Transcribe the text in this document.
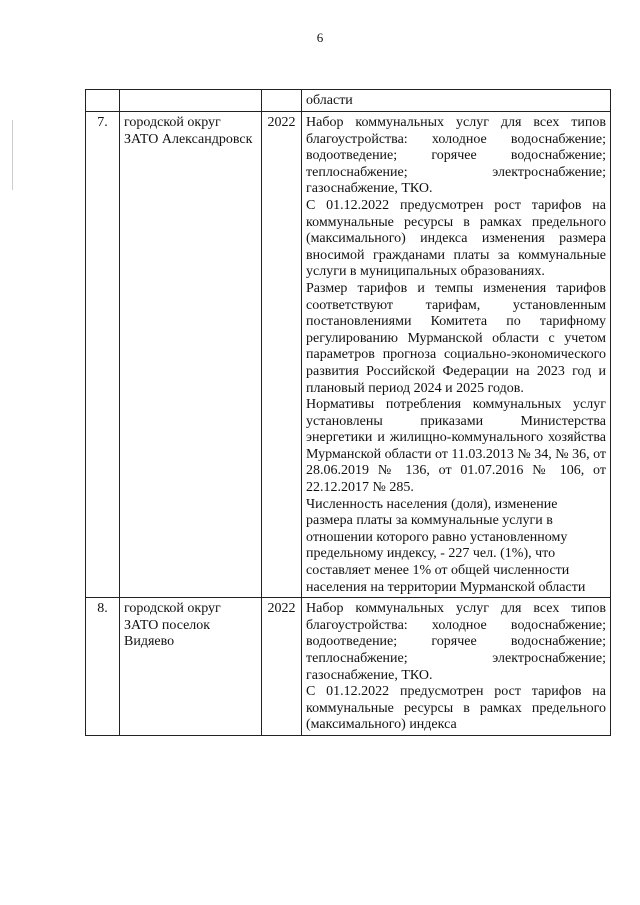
6

			области

7.	городской округ ЗАТО Александровск	2022	Набор коммунальных услуг для всех типов благоустройства: холодное водоснабжение; водоотведение; горячее водоснабжение; теплоснабжение; электроснабжение; газоснабжение, ТКО.
С 01.12.2022 предусмотрен рост тарифов на коммунальные ресурсы в рамках предельного (максимального) индекса изменения размера вносимой гражданами платы за коммунальные услуги в муниципальных образованиях.
Размер тарифов и темпы изменения тарифов соответствуют тарифам, установленным постановлениями Комитета по тарифному регулированию Мурманской области с учетом параметров прогноза социально-экономического развития Российской Федерации на 2023 год и плановый период 2024 и 2025 годов.
Нормативы потребления коммунальных услуг установлены приказами Министерства энергетики и жилищно-коммунального хозяйства Мурманской области от 11.03.2013 № 34, № 36, от 28.06.2019 № 136, от 01.07.2016 № 106, от 22.12.2017 № 285.
Численность населения (доля), изменение размера платы за коммунальные услуги в отношении которого равно установленному предельному индексу, - 227 чел. (1%), что составляет менее 1% от общей численности населения на территории Мурманской области

8.	городской округ ЗАТО поселок Видяево	2022	Набор коммунальных услуг для всех типов благоустройства: холодное водоснабжение; водоотведение; горячее водоснабжение; теплоснабжение; электроснабжение; газоснабжение, ТКО.
С 01.12.2022 предусмотрен рост тарифов на коммунальные ресурсы в рамках предельного (максимального) индекса
